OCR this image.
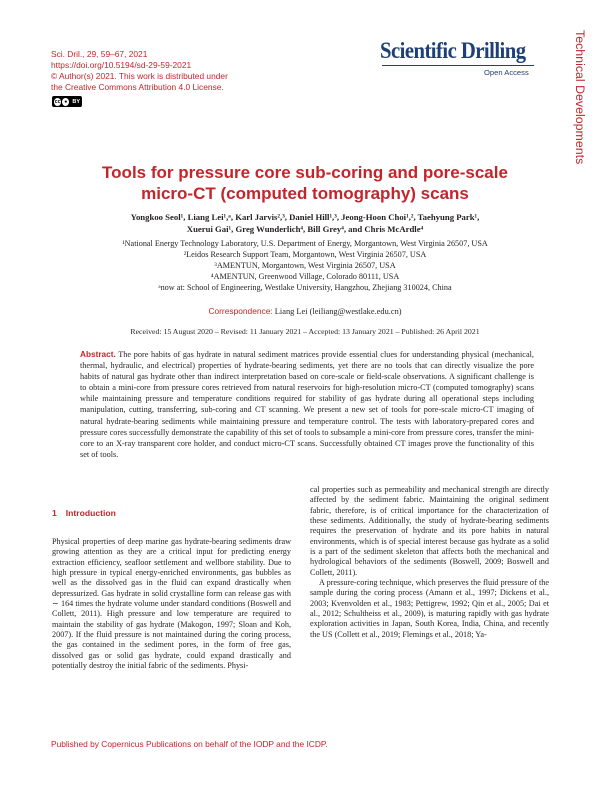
Sci. Dril., 29, 59–67, 2021
https://doi.org/10.5194/sd-29-59-2021
© Author(s) 2021. This work is distributed under
the Creative Commons Attribution 4.0 License.
cc ● BY
Scientific Drilling
Open Access	Technical Developments
Tools for pressure core sub-coring and pore-scale
micro-CT (computed tomography) scans
Yongkoo Seol¹, Liang Lei¹,ᵃ, Karl Jarvis²,³, Daniel Hill¹,³, Jeong-Hoon Choi¹,², Taehyung Park¹,
Xuerui Gai¹, Greg Wunderlich⁴, Bill Grey⁴, and Chris McArdle⁴
¹National Energy Technology Laboratory, U.S. Department of Energy, Morgantown, West Virginia 26507, USA
²Leidos Research Support Team, Morgantown, West Virginia 26507, USA
³AMENTUN, Morgantown, West Virginia 26507, USA
⁴AMENTUN, Greenwood Village, Colorado 80111, USA
ᵃnow at: School of Engineering, Westlake University, Hangzhou, Zhejiang 310024, China
Correspondence: Liang Lei (leiliang@westlake.edu.cn)
Received: 15 August 2020 – Revised: 11 January 2021 – Accepted: 13 January 2021 – Published: 26 April 2021
Abstract. The pore habits of gas hydrate in natural sediment matrices provide essential clues for understanding physical (mechanical, thermal, hydraulic, and electrical) properties of hydrate-bearing sediments, yet there are no tools that can directly visualize the pore habits of natural gas hydrate other than indirect interpretation based on core-scale or field-scale observations. A significant challenge is to obtain a mini-core from pressure cores retrieved from natural reservoirs for high-resolution micro-CT (computed tomography) scans while maintaining pressure and temperature conditions required for stability of gas hydrate during all operational steps including manipulation, cutting, transferring, sub-coring and CT scanning. We present a new set of tools for pore-scale micro-CT imaging of natural hydrate-bearing sediments while maintaining pressure and temperature control. The tests with laboratory-prepared cores and pressure cores successfully demonstrate the capability of this set of tools to subsample a mini-core from pressure cores, transfer the mini-core to an X-ray transparent core holder, and conduct micro-CT scans. Successfully obtained CT images prove the functionality of this set of tools.
1 Introduction

Physical properties of deep marine gas hydrate-bearing sediments draw growing attention as they are a critical input for predicting energy extraction efficiency, seafloor settlement and wellbore stability. Due to high pressure in typical energy-enriched environments, gas bubbles as well as the dissolved gas in the fluid can expand drastically when depressurized. Gas hydrate in solid crystalline form can release gas with ∼ 164 times the hydrate volume under standard conditions (Boswell and Collett, 2011). High pressure and low temperature are required to maintain the stability of gas hydrate (Makogon, 1997; Sloan and Koh, 2007). If the fluid pressure is not maintained during the coring process, the gas contained in the sediment pores, in the form of free gas, dissolved gas or solid gas hydrate, could expand drastically and potentially destroy the initial fabric of the sediments. Physi-

cal properties such as permeability and mechanical strength are directly affected by the sediment fabric. Maintaining the original sediment fabric, therefore, is of critical importance for the characterization of these sediments. Additionally, the study of hydrate-bearing sediments requires the preservation of hydrate and its pore habits in natural environments, which is of special interest because gas hydrate as a solid is a part of the sediment skeleton that affects both the mechanical and hydrological behaviors of the sediments (Boswell, 2009; Boswell and Collett, 2011).

A pressure-coring technique, which preserves the fluid pressure of the sample during the coring process (Amann et al., 1997; Dickens et al., 2003; Kvenvolden et al., 1983; Pettigrew, 1992; Qin et al., 2005; Dai et al., 2012; Schultheiss et al., 2009), is maturing rapidly with gas hydrate exploration activities in Japan, South Korea, India, China, and recently the US (Collett et al., 2019; Flemings et al., 2018; Ya-

Published by Copernicus Publications on behalf of the IODP and the ICDP.
